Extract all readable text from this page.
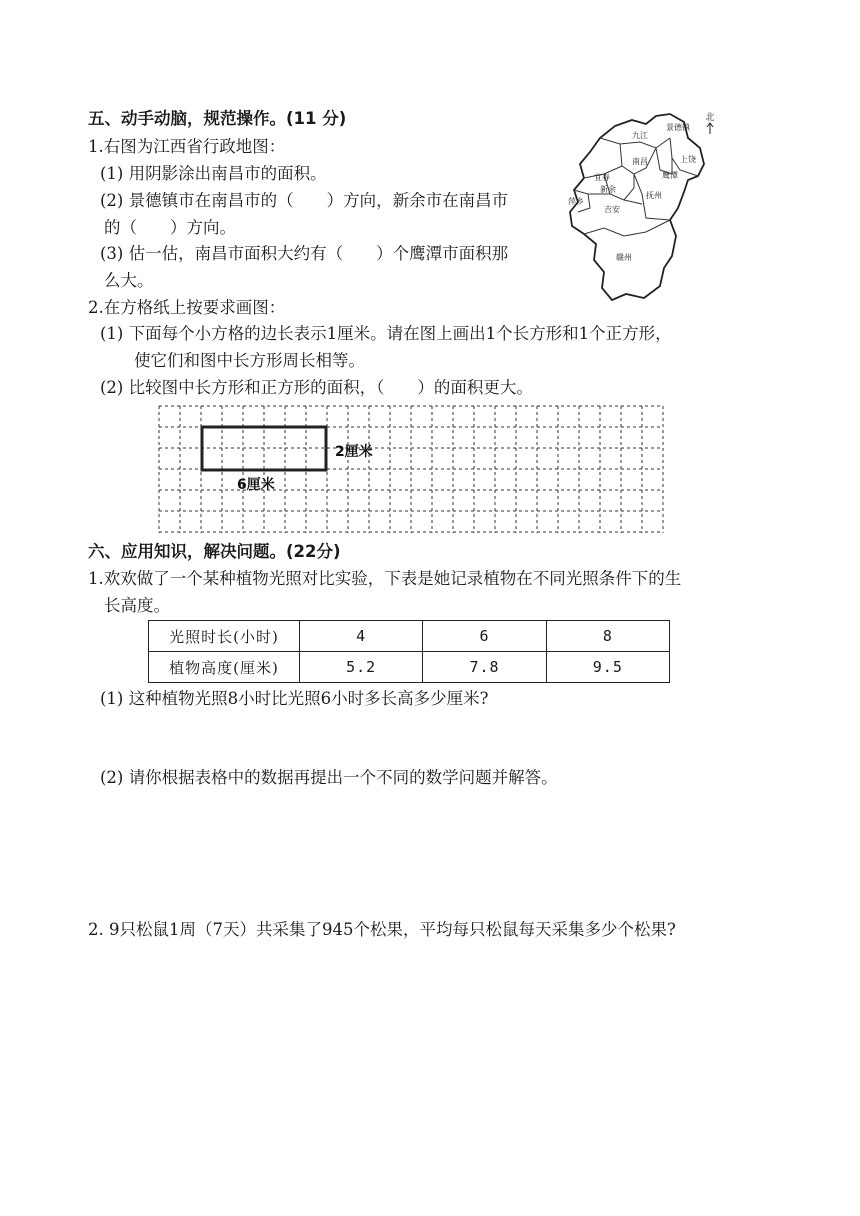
五、动手动脑，规范操作。(11 分)
1.右图为江西省行政地图：
(1) 用阴影涂出南昌市的面积。
(2) 景德镇市在南昌市的（　　）方向，新余市在南昌市
的（　　）方向。
(3) 估一估，南昌市面积大约有（　　）个鹰潭市面积那
么大。
北
九江
景德镇
上饶
南昌
鹰潭
宜春
新余
萍乡
抚州
吉安
赣州
2.在方格纸上按要求画图：
(1) 下面每个小方格的边长表示1厘米。请在图上画出1个长方形和1个正方形，
使它们和图中长方形周长相等。
(2) 比较图中长方形和正方形的面积，（　　）的面积更大。
2厘米
6厘米
六、应用知识，解决问题。(22分)
1.欢欢做了一个某种植物光照对比实验，下表是她记录植物在不同光照条件下的生
长高度。
光照时长(小时)	4	6	8
植物高度(厘米)	5.2	7.8	9.5
(1) 这种植物光照8小时比光照6小时多长高多少厘米?
(2) 请你根据表格中的数据再提出一个不同的数学问题并解答。
2. 9只松鼠1周（7天）共采集了945个松果，平均每只松鼠每天采集多少个松果?
